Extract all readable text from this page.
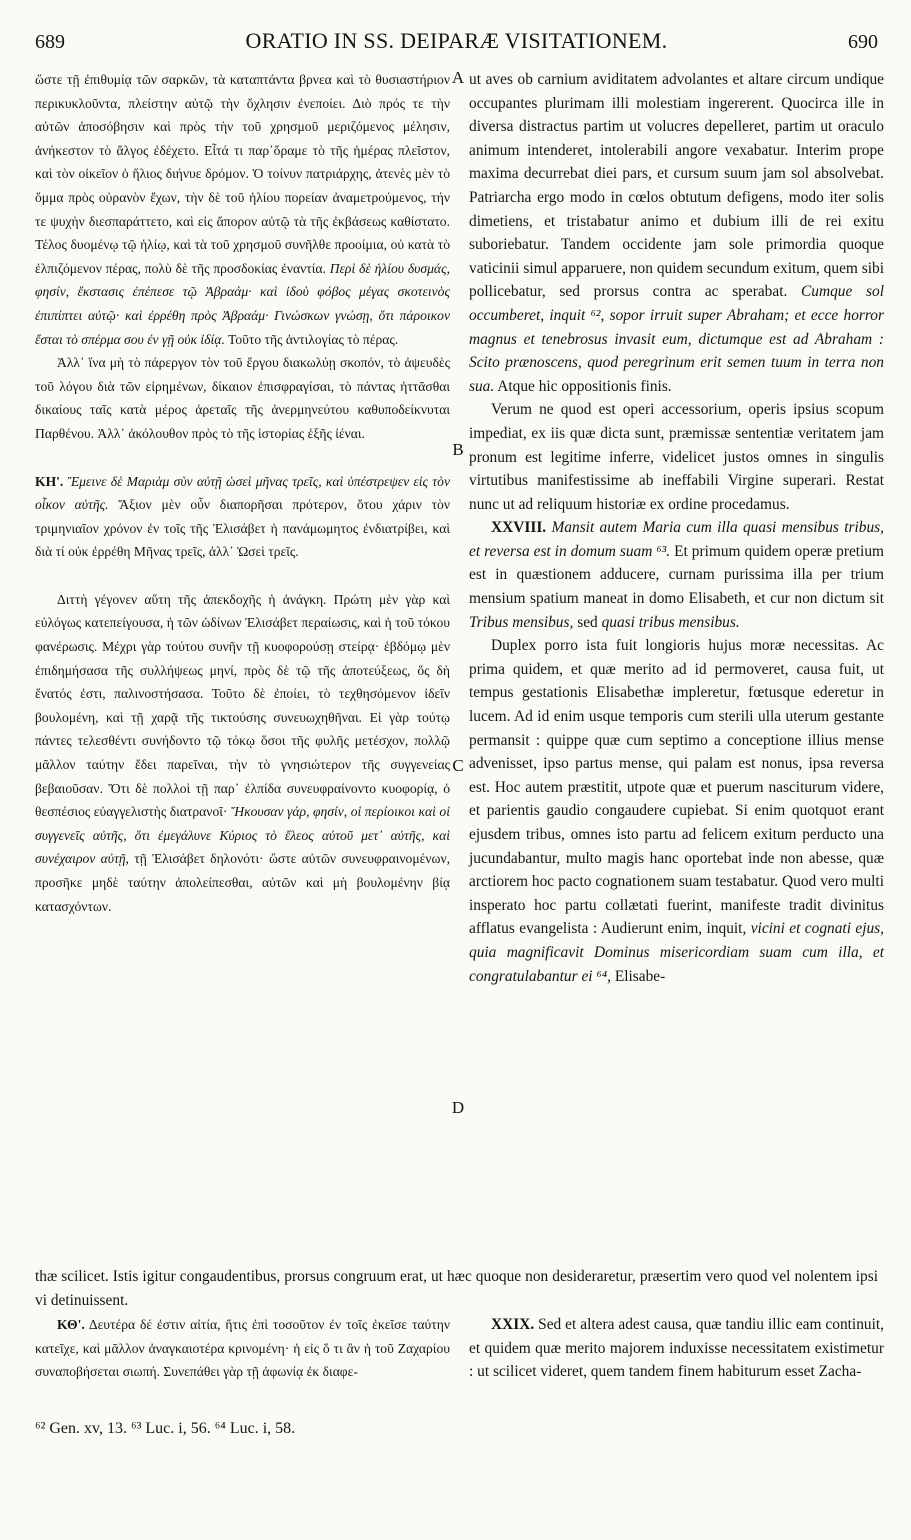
689	ORATIO IN SS. DEIPARÆ VISITATIONEM.	690

ὥστε τῇ ἐπιθυμίᾳ τῶν σαρκῶν, τὰ καταπτάντα βρνεα καὶ τὸ θυσιαστήριον περικυκλοῦντα, πλείστην αὐτῷ τὴν ὄχλησιν ἐνεποίει. Διὸ πρός τε τὴν αὐτῶν ἀποσόβησιν καὶ πρὸς τὴν τοῦ χρησμοῦ μεριζόμενος μέλησιν, ἀνήκεστον τὸ ἄλγος ἐδέχετο. Εἶτά τι παρ᾿ὄραμε τὸ τῆς ἡμέρας πλεῖστον, καὶ τὸν οἰκεῖον ὁ ἥλιος διήνυε δρόμον. Ὁ τοίνυν πατριάρχης, ἀτενὲς μὲν τὸ ὄμμα πρὸς οὐρανὸν ἔχων, τὴν δὲ τοῦ ἡλίου πορείαν ἀναμετρούμενος, τήν τε ψυχὴν διεσπαράττετο, καὶ εἰς ἄπορον αὐτῷ τὰ τῆς ἐκβάσεως καθίστατο. Τέλος δυομένῳ τῷ ἡλίῳ, καὶ τὰ τοῦ χρησμοῦ συνῆλθε προοίμια, οὐ κατὰ τὸ ἐλπιζόμενον πέρας, πολὺ δὲ τῆς προσδοκίας ἐναντία. Περὶ δὲ ἡλίου δυσμάς, φησίν, ἔκστασις ἐπέπεσε τῷ Ἀβραάμ· καὶ ἰδοὺ φόβος μέγας σκοτεινὸς ἐπιπίπτει αὐτῷ· καὶ ἐρρέθη πρὸς Ἀβραάμ· Γινώσκων γνώσῃ, ὅτι πάροικον ἔσται τὸ σπέρμα σου ἐν γῇ οὐκ ἰδίᾳ. Τοῦτο τῆς ἀντιλογίας τὸ πέρας.

Ἀλλ᾿ ἵνα μὴ τὸ πάρεργον τὸν τοῦ ἔργου διακωλύῃ σκοπόν, τὸ ἀψευδὲς τοῦ λόγου διὰ τῶν εἰρημένων, δίκαιον ἐπισφραγίσαι, τὸ πάντας ἡττᾶσθαι δικαίους ταῖς κατὰ μέρος ἀρεταῖς τῆς ἀνερμηνεύτου καθυποδείκνυται Παρθένου. Ἀλλ᾿ ἀκόλουθον πρὸς τὸ τῆς ἱστορίας ἑξῆς ἰέναι.

ΚΗ'. Ἔμεινε δὲ Μαριὰμ σὺν αὐτῇ ὡσεὶ μῆνας τρεῖς, καὶ ὑπέστρεψεν εἰς τὸν οἶκον αὐτῆς. Ἄξιον μὲν οὖν διαπορῆσαι πρότερον, ὅτου χάριν τὸν τριμηνιαῖον χρόνον ἐν τοῖς τῆς Ἐλισάβετ ἡ πανάμωμητος ἐνδιατρίβει, καὶ διὰ τί οὐκ ἐρρέθη Μῆνας τρεῖς, ἀλλ᾿ Ὡσεὶ τρεῖς.

Διττὴ γέγονεν αὕτη τῆς ἀπεκδοχῆς ἡ ἀνάγκη. Πρώτη μὲν γὰρ καὶ εὐλόγως κατεπείγουσα, ἡ τῶν ὠδίνων Ἐλισάβετ περαίωσις, καὶ ἡ τοῦ τόκου φανέρωσις. Μέχρι γὰρ τούτου συνῆν τῇ κυοφορούσῃ στείρᾳ· ἑβδόμῳ μὲν ἐπιδημήσασα τῆς συλλήψεως μηνί, πρὸς δὲ τῷ τῆς ἀποτεύξεως, ὅς δὴ ἔνατός ἐστι, παλινοστήσασα. Τοῦτο δὲ ἐποίει, τὸ τεχθησόμενον ἰδεῖν βουλομένη, καὶ τῇ χαρᾷ τῆς τικτούσης συνευωχηθῆναι. Εἰ γὰρ τούτῳ πάντες τελεσθέντι συνήδοντο τῷ τόκῳ ὅσοι τῆς φυλῆς μετέσχον, πολλῷ μᾶλλον ταύτην ἔδει παρεῖναι, τὴν τὸ γνησιώτερον τῆς συγγενείας βεβαιοῦσαν. Ὅτι δὲ πολλοὶ τῇ παρ᾿ ἐλπίδα συνευφραίνοντο κυοφορίᾳ, ὁ θεσπέσιος εὐαγγελιστὴς διατρανοῖ· Ἤκουσαν γάρ, φησίν, οἱ περίοικοι καὶ οἱ συγγενεῖς αὐτῆς, ὅτι ἐμεγάλυνε Κύριος τὸ ἔλεος αὐτοῦ μετ᾿ αὐτῆς, καὶ συνέχαιρον αὐτῇ, τῇ Ἐλισάβετ δηλονότι· ὥστε αὐτῶν συνευφραινομένων, προσῆκε μηδὲ ταύτην ἀπολείπεσθαι, αὐτῶν καὶ μὴ βουλομένην βίᾳ κατασχόντων.

ut aves ob carnium aviditatem advolantes et altare circum undique occupantes plurimam illi molestiam ingererent. Quocirca ille in diversa distractus partim ut volucres depelleret, partim ut oraculo animum intenderet, intolerabili angore vexabatur. Interim prope maxima decurrebat diei pars, et cursum suum jam sol absolvebat. Patriarcha ergo modo in cœlos obtutum defigens, modo iter solis dimetiens, et tristabatur animo et dubium illi de rei exitu suboriebatur. Tandem occidente jam sole primordia quoque vaticinii simul apparuere, non quidem secundum exitum, quem sibi pollicebatur, sed prorsus contra ac sperabat. Cumque sol occumberet, inquit ⁶², sopor irruit super Abraham; et ecce horror magnus et tenebrosus invasit eum, dictumque est ad Abraham : Scito prænoscens, quod peregrinum erit semen tuum in terra non sua. Atque hic oppositionis finis.

Verum ne quod est operi accessorium, operis ipsius scopum impediat, ex iis quæ dicta sunt, præmissæ sententiæ veritatem jam pronum est legitime inferre, videlicet justos omnes in singulis virtutibus manifestissime ab ineffabili Virgine superari. Restat nunc ut ad reliquum historiæ ex ordine procedamus.

XXVIII. Mansit autem Maria cum illa quasi mensibus tribus, et reversa est in domum suam ⁶³. Et primum quidem operæ pretium est in quæstionem adducere, curnam purissima illa per trium mensium spatium maneat in domo Elisabeth, et cur non dictum sit Tribus mensibus, sed quasi tribus mensibus.

Duplex porro ista fuit longioris hujus moræ necessitas. Ac prima quidem, et quæ merito ad id permoveret, causa fuit, ut tempus gestationis Elisabethæ impleretur, fœtusque ederetur in lucem. Ad id enim usque temporis cum sterili ulla uterum gestante permansit : quippe quæ cum septimo a conceptione illius mense advenisset, ipso partus mense, qui palam est nonus, ipsa reversa est. Hoc autem præstitit, utpote quæ et puerum nasciturum videre, et parientis gaudio congaudere cupiebat. Si enim quotquot erant ejusdem tribus, omnes isto partu ad felicem exitum perducto una jucundabantur, multo magis hanc oportebat inde non abesse, quæ arctiorem hoc pacto cognationem suam testabatur. Quod vero multi insperato hoc partu collætati fuerint, manifeste tradit divinitus afflatus evangelista : Audierunt enim, inquit, vicini et cognati ejus, quia magnificavit Dominus misericordiam suam cum illa, et congratulabantur ei ⁶⁴, Elisabe-

A
B
C
D
thæ scilicet. Istis igitur congaudentibus, prorsus congruum erat, ut hæc quoque non desideraretur, præsertim vero quod vel nolentem ipsi vi detinuissent.

ΚΘ'. Δευτέρα δέ ἐστιν αἰτία, ἥτις ἐπὶ τοσοῦτον ἐν τοῖς ἐκεῖσε ταύτην κατεῖχε, καὶ μᾶλλον ἀναγκαιοτέρα κρινομένη· ἡ εἰς ὅ τι ἂν ἡ τοῦ Ζαχαρίου συναποβήσεται σιωπή. Συνεπάθει γὰρ τῇ ἀφωνίᾳ ἐκ διαφε-

XXIX. Sed et altera adest causa, quæ tandiu illic eam continuit, et quidem quæ merito majorem induxisse necessitatem existimetur : ut scilicet videret, quem tandem finem habiturum esset Zacha-

⁶² Gen. xv, 13. ⁶³ Luc. i, 56. ⁶⁴ Luc. i, 58.
